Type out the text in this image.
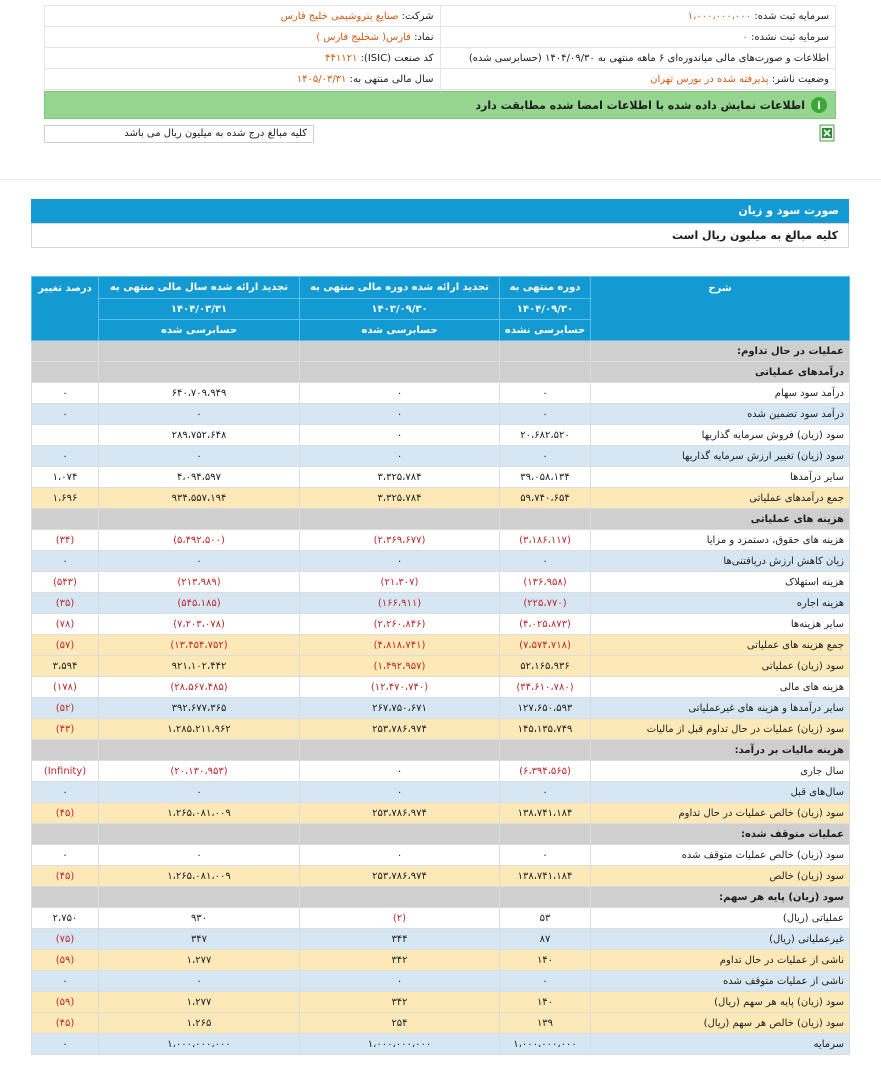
شرکت: صنایع پتروشیمی خلیج فارس	سرمایه ثبت شده: ۱،۰۰۰،۰۰۰،۰۰۰
نماد: فارس( شخلیج فارس )	سرمایه ثبت نشده: ۰
کد صنعت (ISIC): ۴۴۱۱۲۱	اطلاعات و صورت‌های مالی میاندوره‌ای ۶ ماهه منتهی به ۱۴۰۴/۰۹/۳۰ (حسابرسی شده)
سال مالی منتهی به: ۱۴۰۵/۰۳/۳۱	وضعیت ناشر: پذیرفته شده در بورس تهران
i
اطلاعات نمایش داده شده با اطلاعات امضا شده مطابقت دارد
کلیه مبالغ درج شده به میلیون ریال می باشد
صورت سود و زیان
کلیه مبالغ به میلیون ریال است
شرح	دوره منتهی به	تجدید ارائه شده دوره مالی منتهی به	تجدید ارائه شده سال مالی منتهی به	درصد تغییر
	۱۴۰۴/۰۹/۳۰	۱۴۰۳/۰۹/۳۰	۱۴۰۴/۰۳/۳۱	
	حسابرسی نشده	حسابرسی شده	حسابرسی شده	
عملیات در حال تداوم:				
درآمدهای عملیاتی				
درآمد سود سهام	۰	۰	۶۴۰،۷۰۹،۹۴۹	۰
درآمد سود تضمین شده	۰	۰	۰	۰
سود (زیان) فروش سرمایه گذاریها	۲۰،۶۸۲،۵۲۰	۰	۲۸۹،۷۵۲،۶۴۸	
سود (زیان) تغییر ارزش سرمایه گذاریها	۰	۰	۰	۰
سایر درآمدها	۳۹،۰۵۸،۱۳۴	۳،۳۲۵،۷۸۴	۴،۰۹۴،۵۹۷	۱،۰۷۴
جمع درآمدهای عملیاتی	۵۹،۷۴۰،۶۵۴	۳،۳۲۵،۷۸۴	۹۳۴،۵۵۷،۱۹۴	۱،۶۹۶
هزینه های عملیاتی				
هزینه های حقوق، دستمزد و مزایا	(۳،۱۸۶،۱۱۷)	(۲،۳۶۹،۶۷۷)	(۵،۴۹۲،۵۰۰)	(۳۴)
زیان کاهش ارزش دریافتنی‌ها	۰	۰	۰	۰
هزینه استهلاک	(۱۳۶،۹۵۸)	(۲۱،۳۰۷)	(۲۱۳،۹۸۹)	(۵۴۳)
هزینه اجاره	(۲۲۵،۷۷۰)	(۱۶۶،۹۱۱)	(۵۴۵،۱۸۵)	(۳۵)
سایر هزینه‌ها	(۴،۰۲۵،۸۷۳)	(۲،۲۶۰،۸۴۶)	(۷،۲۰۳،۰۷۸)	(۷۸)
جمع هزینه های عملیاتی	(۷،۵۷۴،۷۱۸)	(۴،۸۱۸،۷۴۱)	(۱۳،۴۵۴،۷۵۲)	(۵۷)
سود (زیان) عملیاتی	۵۲،۱۶۵،۹۳۶	(۱،۴۹۲،۹۵۷)	۹۲۱،۱۰۲،۴۴۲	۳،۵۹۴
هزینه های مالی	(۳۴،۶۱۰،۷۸۰)	(۱۲،۴۷۰،۷۴۰)	(۲۸،۵۶۷،۴۸۵)	(۱۷۸)
سایر درآمدها و هزینه های غیرعملیاتی	۱۲۷،۶۵۰،۵۹۳	۲۶۷،۷۵۰،۶۷۱	۳۹۲،۶۷۷،۳۶۵	(۵۲)
سود (زیان) عملیات در حال تداوم قبل از مالیات	۱۴۵،۱۳۵،۷۴۹	۲۵۳،۷۸۶،۹۷۴	۱،۲۸۵،۲۱۱،۹۶۲	(۴۳)
هزینه مالیات بر درآمد:				
سال جاری	(۶،۳۹۴،۵۶۵)	۰	(۲۰،۱۳۰،۹۵۳)	(Infinity)
سال‌های قبل	۰	۰	۰	۰
سود (زیان) خالص عملیات در حال تداوم	۱۳۸،۷۴۱،۱۸۴	۲۵۳،۷۸۶،۹۷۴	۱،۲۶۵،۰۸۱،۰۰۹	(۴۵)
عملیات متوقف شده:				
سود (زیان) خالص عملیات متوقف شده	۰	۰	۰	۰
سود (زیان) خالص	۱۳۸،۷۴۱،۱۸۴	۲۵۳،۷۸۶،۹۷۴	۱،۲۶۵،۰۸۱،۰۰۹	(۴۵)
سود (زیان) پایه هر سهم:				
عملیاتی (ریال)	۵۳	(۲)	۹۳۰	۲،۷۵۰
غیرعملیاتی (ریال)	۸۷	۳۴۴	۳۴۷	(۷۵)
ناشی از عملیات در حال تداوم	۱۴۰	۳۴۲	۱،۲۷۷	(۵۹)
ناشی از عملیات متوقف شده	۰	۰	۰	۰
سود (زیان) پایه هر سهم (ریال)	۱۴۰	۳۴۲	۱،۲۷۷	(۵۹)
سود (زیان) خالص هر سهم (ریال)	۱۳۹	۲۵۴	۱،۲۶۵	(۴۵)
سرمایه	۱،۰۰۰،۰۰۰،۰۰۰	۱،۰۰۰،۰۰۰،۰۰۰	۱،۰۰۰،۰۰۰،۰۰۰	۰
